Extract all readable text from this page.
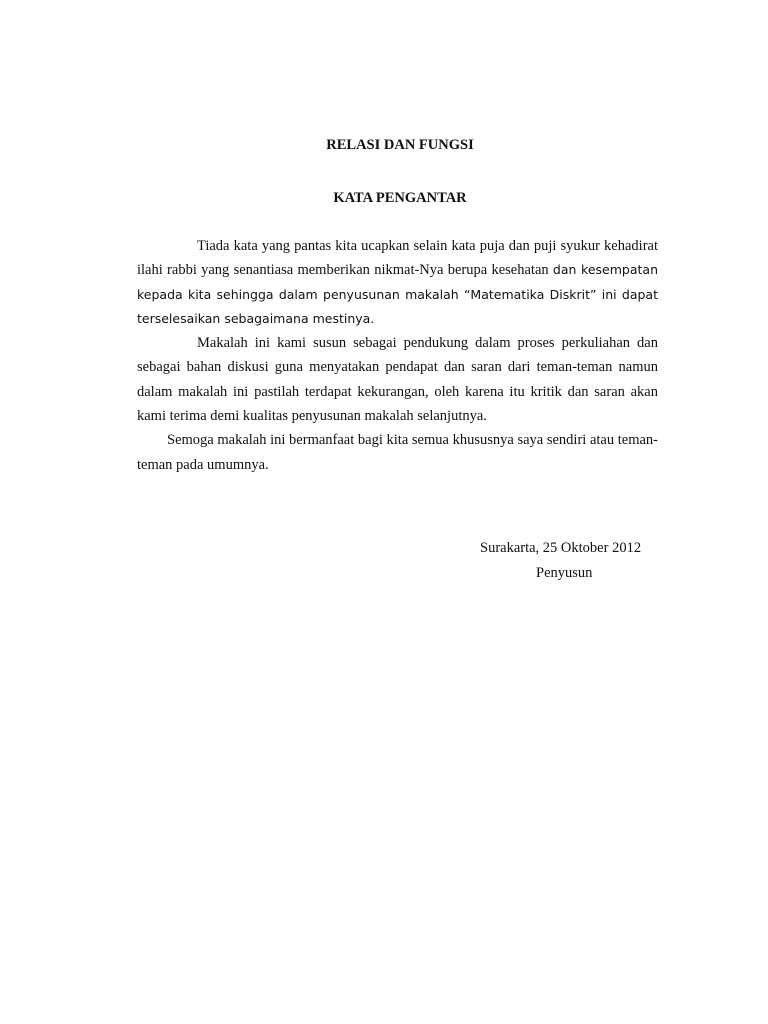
RELASI DAN FUNGSI
KATA PENGANTAR

Tiada kata yang pantas kita ucapkan selain kata puja dan puji syukur kehadirat ilahi rabbi yang senantiasa memberikan nikmat-Nya berupa kesehatan dan kesempatan kepada kita sehingga dalam penyusunan makalah “Matematika Diskrit” ini dapat terselesaikan sebagaimana mestinya.

Makalah ini kami susun sebagai pendukung dalam proses perkuliahan dan sebagai bahan diskusi guna menyatakan pendapat dan saran dari teman-teman namun dalam makalah ini pastilah terdapat kekurangan, oleh karena itu kritik dan saran akan kami terima demi kualitas penyusunan makalah selanjutnya.

Semoga makalah ini bermanfaat bagi kita semua khususnya saya sendiri atau teman-teman pada umumnya.

Surakarta, 25 Oktober 2012

Penyusun
